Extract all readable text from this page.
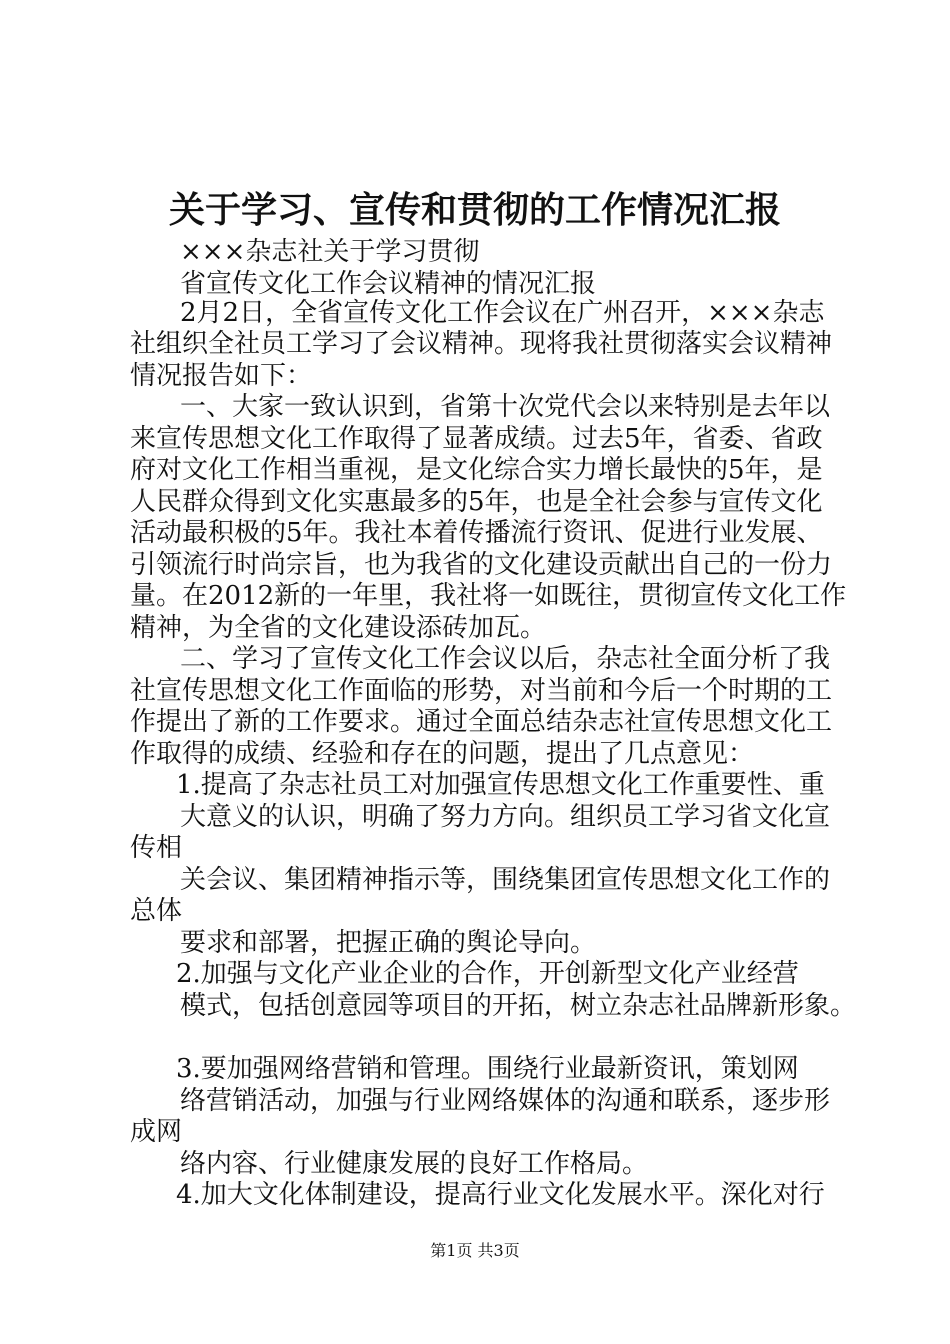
关于学习、宣传和贯彻的工作情况汇报
×××杂志社关于学习贯彻
省宣传文化工作会议精神的情况汇报
2月2日，全省宣传文化工作会议在广州召开，×××杂志
社组织全社员工学习了会议精神。现将我社贯彻落实会议精神
情况报告如下：
一、大家一致认识到，省第十次党代会以来特别是去年以
来宣传思想文化工作取得了显著成绩。过去5年，省委、省政
府对文化工作相当重视，是文化综合实力增长最快的5年，是
人民群众得到文化实惠最多的5年，也是全社会参与宣传文化
活动最积极的5年。我社本着传播流行资讯、促进行业发展、
引领流行时尚宗旨，也为我省的文化建设贡献出自己的一份力
量。在2012新的一年里，我社将一如既往，贯彻宣传文化工作
精神，为全省的文化建设添砖加瓦。
二、学习了宣传文化工作会议以后，杂志社全面分析了我
社宣传思想文化工作面临的形势，对当前和今后一个时期的工
作提出了新的工作要求。通过全面总结杂志社宣传思想文化工
作取得的成绩、经验和存在的问题，提出了几点意见：
1.提高了杂志社员工对加强宣传思想文化工作重要性、重
大意义的认识，明确了努力方向。组织员工学习省文化宣
传相
关会议、集团精神指示等，围绕集团宣传思想文化工作的
总体
要求和部署，把握正确的舆论导向。
2.加强与文化产业企业的合作，开创新型文化产业经营
模式，包括创意园等项目的开拓，树立杂志社品牌新形象。
3.要加强网络营销和管理。围绕行业最新资讯，策划网
络营销活动，加强与行业网络媒体的沟通和联系，逐步形
成网
络内容、行业健康发展的良好工作格局。
4.加大文化体制建设，提高行业文化发展水平。深化对行
第1页 共3页
